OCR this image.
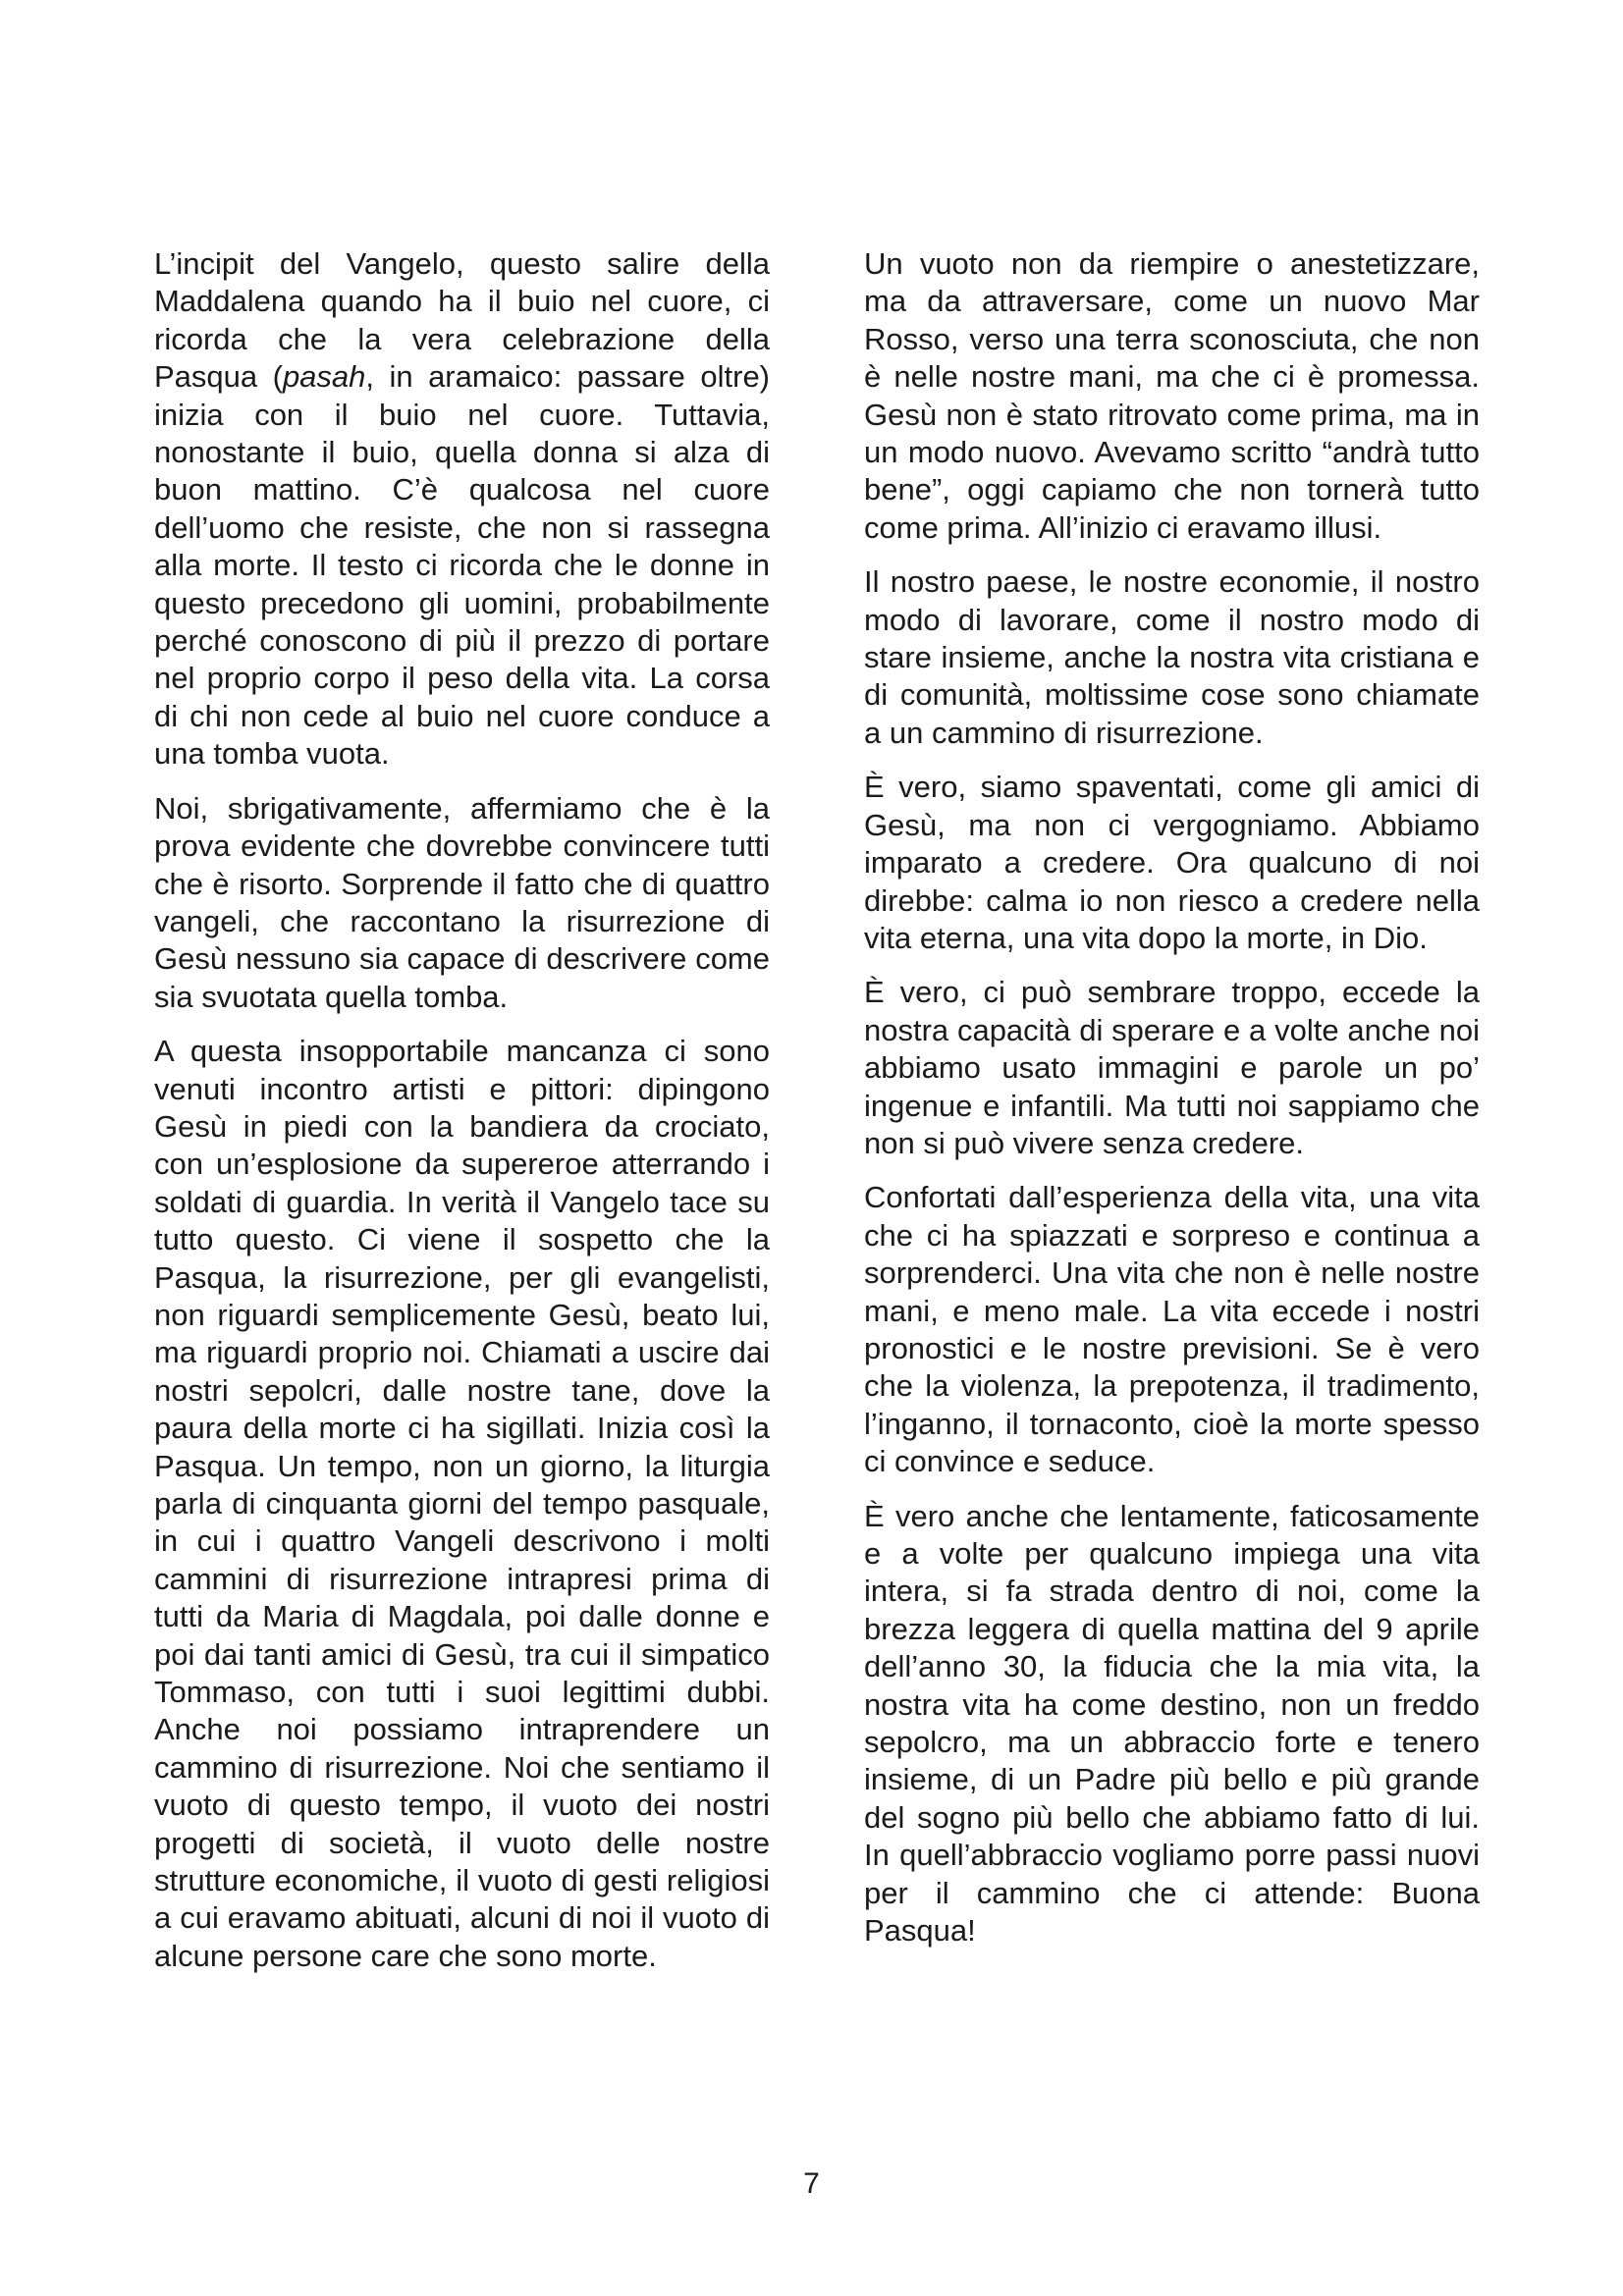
L’incipit del Vangelo, questo salire della Maddalena quando ha il buio nel cuore, ci ricorda che la vera celebrazione della Pasqua (pasah, in aramaico: passare oltre) inizia con il buio nel cuore. Tuttavia, nonostante il buio, quella donna si alza di buon mattino. C’è qualcosa nel cuore dell’uomo che resiste, che non si rassegna alla morte. Il testo ci ricorda che le donne in questo precedono gli uomini, probabilmente perché conoscono di più il prezzo di portare nel proprio corpo il peso della vita. La corsa di chi non cede al buio nel cuore conduce a una tomba vuota.

Noi, sbrigativamente, affermiamo che è la prova evidente che dovrebbe convincere tutti che è risorto. Sorprende il fatto che di quattro vangeli, che raccontano la risurrezione di Gesù nessuno sia capace di descrivere come sia svuotata quella tomba.

A questa insopportabile mancanza ci sono venuti incontro artisti e pittori: dipingono Gesù in piedi con la bandiera da crociato, con un’esplosione da supereroe atterrando i soldati di guardia. In verità il Vangelo tace su tutto questo. Ci viene il sospetto che la Pasqua, la risurrezione, per gli evangelisti, non riguardi semplicemente Gesù, beato lui, ma riguardi proprio noi. Chiamati a uscire dai nostri sepolcri, dalle nostre tane, dove la paura della morte ci ha sigillati. Inizia così la Pasqua. Un tempo, non un giorno, la liturgia parla di cinquanta giorni del tempo pasquale, in cui i quattro Vangeli descrivono i molti cammini di risurrezione intrapresi prima di tutti da Maria di Magdala, poi dalle donne e poi dai tanti amici di Gesù, tra cui il simpatico Tommaso, con tutti i suoi legittimi dubbi. Anche noi possiamo intraprendere un cammino di risurrezione. Noi che sentiamo il vuoto di questo tempo, il vuoto dei nostri progetti di società, il vuoto delle nostre strutture economiche, il vuoto di gesti religiosi a cui eravamo abituati, alcuni di noi il vuoto di alcune persone care che sono morte.

Un vuoto non da riempire o anestetizzare, ma da attraversare, come un nuovo Mar Rosso, verso una terra sconosciuta, che non è nelle nostre mani, ma che ci è promessa. Gesù non è stato ritrovato come prima, ma in un modo nuovo. Avevamo scritto “andrà tutto bene”, oggi capiamo che non tornerà tutto come prima. All’inizio ci eravamo illusi.

Il nostro paese, le nostre economie, il nostro modo di lavorare, come il nostro modo di stare insieme, anche la nostra vita cristiana e di comunità, moltissime cose sono chiamate a un cammino di risurrezione.

È vero, siamo spaventati, come gli amici di Gesù, ma non ci vergogniamo. Abbiamo imparato a credere. Ora qualcuno di noi direbbe: calma io non riesco a credere nella vita eterna, una vita dopo la morte, in Dio.

È vero, ci può sembrare troppo, eccede la nostra capacità di sperare e a volte anche noi abbiamo usato immagini e parole un po’ ingenue e infantili. Ma tutti noi sappiamo che non si può vivere senza credere.

Confortati dall’esperienza della vita, una vita che ci ha spiazzati e sorpreso e continua a sorprenderci. Una vita che non è nelle nostre mani, e meno male. La vita eccede i nostri pronostici e le nostre previsioni. Se è vero che la violenza, la prepotenza, il tradimento, l’inganno, il tornaconto, cioè la morte spesso ci convince e seduce.

È vero anche che lentamente, faticosamente e a volte per qualcuno impiega una vita intera, si fa strada dentro di noi, come la brezza leggera di quella mattina del 9 aprile dell’anno 30, la fiducia che la mia vita, la nostra vita ha come destino, non un freddo sepolcro, ma un abbraccio forte e tenero insieme, di un Padre più bello e più grande del sogno più bello che abbiamo fatto di lui. In quell’abbraccio vogliamo porre passi nuovi per il cammino che ci attende: Buona Pasqua!

7
